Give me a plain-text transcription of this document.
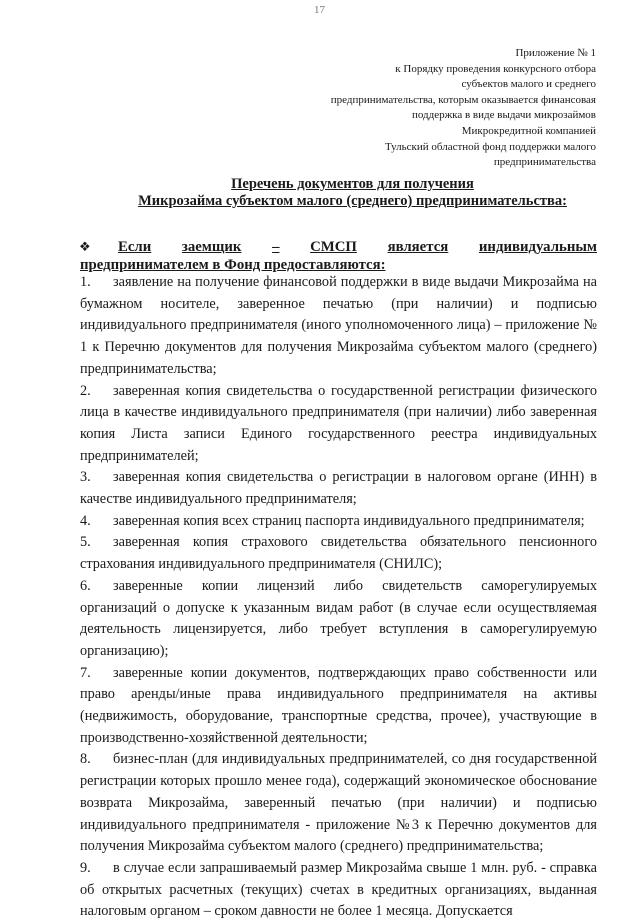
17
Приложение № 1
к Порядку проведения конкурсного отбора
субъектов малого и среднего
предпринимательства, которым оказывается финансовая
поддержка в виде выдачи микрозаймов
Микрокредитной компанией
Тульский областной фонд поддержки малого
предпринимательства
Перечень документов для получения
Микрозайма субъектом малого (среднего) предпринимательства:
Если заемщик – СМСП является индивидуальным
предпринимателем в Фонд предоставляются:
❖
1. заявление на получение финансовой поддержки в виде выдачи Микрозайма на бумажном носителе, заверенное печатью (при наличии) и подписью индивидуального предпринимателя (иного уполномоченного лица) – приложение № 1 к Перечню документов для получения Микрозайма субъектом малого (среднего) предпринимательства;
2. заверенная копия свидетельства о государственной регистрации физического лица в качестве индивидуального предпринимателя (при наличии) либо заверенная копия Листа записи Единого государственного реестра индивидуальных предпринимателей;
3. заверенная копия свидетельства о регистрации в налоговом органе (ИНН) в качестве индивидуального предпринимателя;
4. заверенная копия всех страниц паспорта индивидуального предпринимателя;
5. заверенная копия страхового свидетельства обязательного пенсионного страхования индивидуального предпринимателя (СНИЛС);
6. заверенные копии лицензий либо свидетельств саморегулируемых организаций о допуске к указанным видам работ (в случае если осуществляемая деятельность лицензируется, либо требует вступления в саморегулируемую организацию);
7. заверенные копии документов, подтверждающих право собственности или право аренды/иные права индивидуального предпринимателя на активы (недвижимость, оборудование, транспортные средства, прочее), участвующие в производственно-хозяйственной деятельности;
8. бизнес-план (для индивидуальных предпринимателей, со дня государственной регистрации которых прошло менее года), содержащий экономическое обоснование возврата Микрозайма, заверенный печатью (при наличии) и подписью индивидуального предпринимателя - приложение №3 к Перечню документов для получения Микрозайма субъектом малого (среднего) предпринимательства;
9. в случае если запрашиваемый размер Микрозайма свыше 1 млн. руб. - справка об открытых расчетных (текущих) счетах в кредитных организациях, выданная налоговым органом – сроком давности не более 1 месяца. Допускается
